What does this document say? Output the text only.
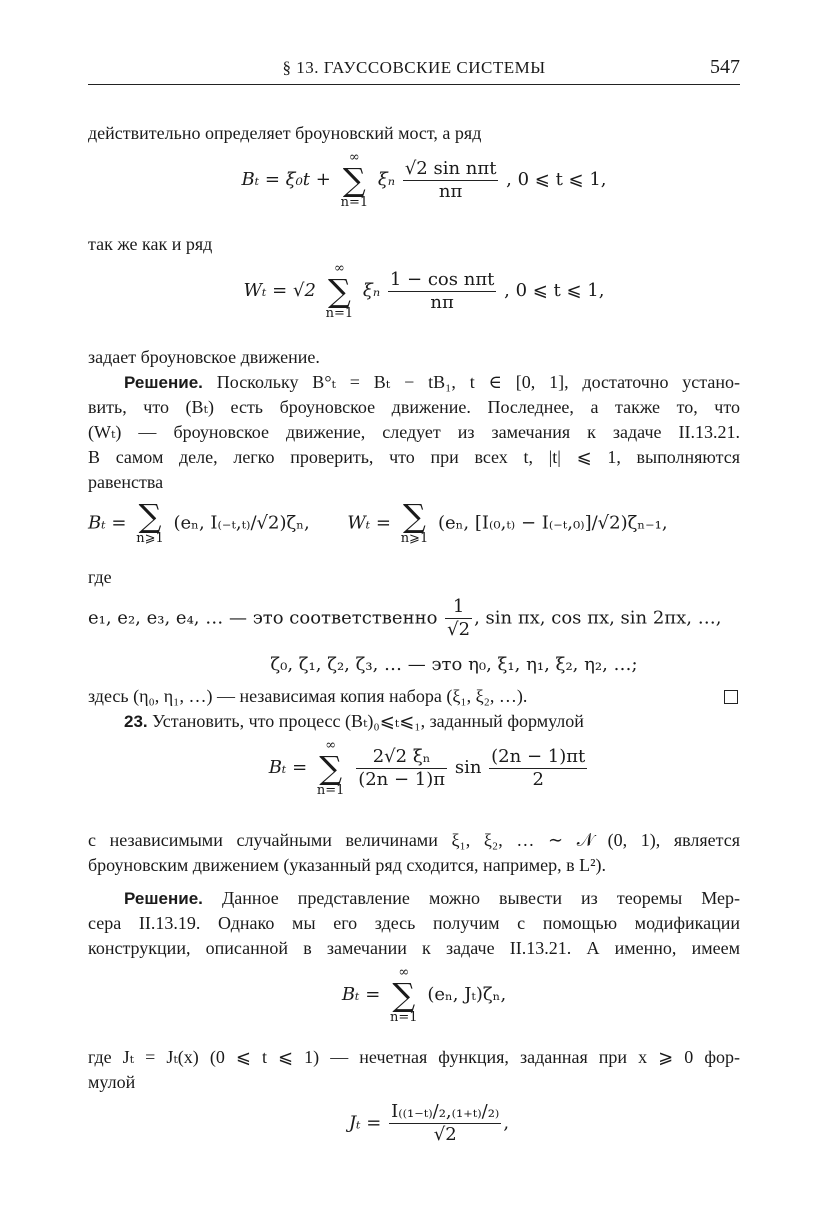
§ 13. ГАУССОВСКИЕ СИСТЕМЫ	547
действительно определяет броуновский мост, а ряд
Bₜ = ξ₀t +
∞
∑
n=1
ξₙ $\frac{\text{√2 sin nπt}}{n\pi}$ , 0 ⩽ t ⩽ 1,
так же как и ряд
Wₜ = √2
∞
∑
n=1
ξₙ $\frac{\text{1 − cos nπt}}{n\pi}$ , 0 ⩽ t ⩽ 1,
задает броуновское движение.
Решение. Поскольку B°ₜ = Bₜ − tB₁, t ∈ [0, 1], достаточно устано-
вить, что (Bₜ) есть броуновское движение. Последнее, а также то, что
(Wₜ) — броуновское движение, следует из замечания к задаче II.13.21.
В самом деле, легко проверить, что при всех t, |t| ⩽ 1, выполняются
равенства
Bₜ = ∑
n⩾1
(eₙ, I₍₋ₜ,ₜ₎/√2)ζₙ, Wₜ = ∑
n⩾1
(eₙ, [I₍₀,ₜ₎ − I₍₋ₜ,₀₎]/√2)ζₙ₋₁,
где
e₁, e₂, e₃, e₄, … — это соответственно $\frac{1}{√2}$ , sin πx, cos πx, sin 2πx, …,
ζ₀, ζ₁, ζ₂, ζ₃, … — это η₀, ξ₁, η₁, ξ₂, η₂, …;
здесь (η₀, η₁, …) — независимая копия набора (ξ₁, ξ₂, …).
23. Установить, что процесс (Bₜ)₀⩽ₜ⩽₁, заданный формулой
Bₜ =
∞
∑
n=1
$\frac{\text{2√2 ξₙ}}{(2n - 1)\pi}$ $\sin \frac{(2n - 1)\pi t}{2}$
с независимыми случайными величинами ξ₁, ξ₂, … ∼ 𝒩 (0, 1), является
броуновским движением (указанный ряд сходится, например, в L²).
Решение. Данное представление можно вывести из теоремы Мер-
сера II.13.19. Однако мы его здесь получим с помощью модификации
конструкции, описанной в замечании к задаче II.13.21. А именно, имеем
Bₜ =
∞
∑
n=1
(eₙ, Jₜ)ζₙ,
где Jₜ = Jₜ(x) (0 ⩽ t ⩽ 1) — нечетная функция, заданная при x ⩾ 0 фор-
мулой
$J_t = \frac{\text{I₍₍₁₋ₜ₎/₂,₍₁₊ₜ₎/₂₎}}{√2}$ ,
